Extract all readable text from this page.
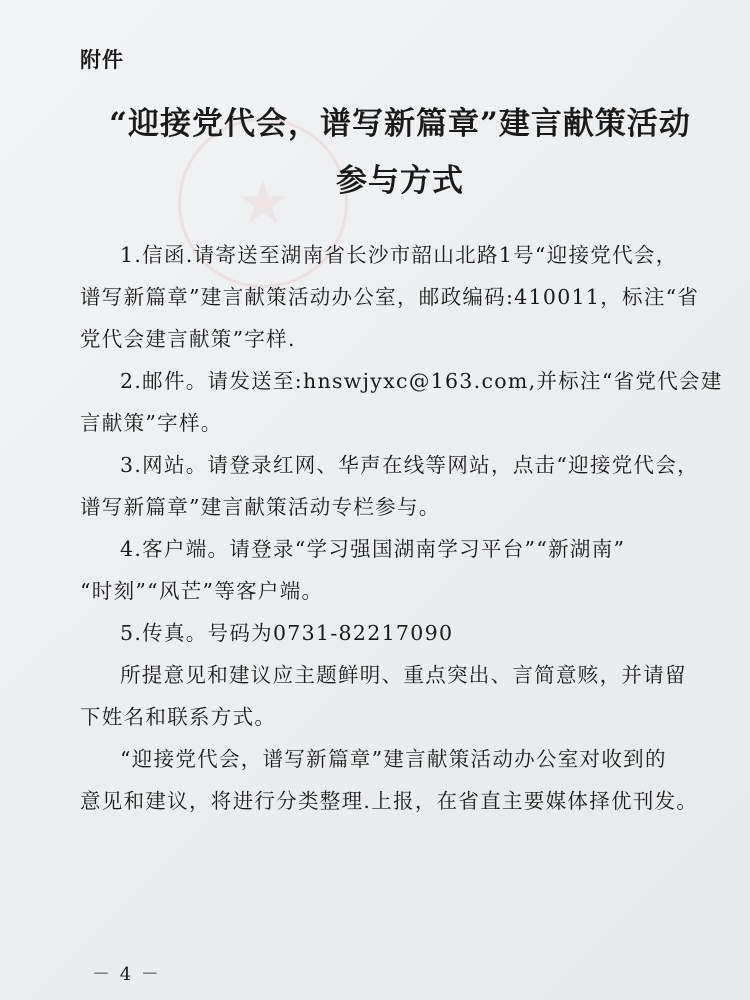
★
附件
“迎接党代会，谱写新篇章”建言献策活动
参与方式
1.信函.请寄送至湖南省长沙市韶山北路1号“迎接党代会，
谱写新篇章”建言献策活动办公室，邮政编码:410011，标注“省
党代会建言献策”字样.
2.邮件。请发送至:hnswjyxc@163.com,并标注“省党代会建
言献策”字样。
3.网站。请登录红网、华声在线等网站，点击“迎接党代会，
谱写新篇章”建言献策活动专栏参与。
4.客户端。请登录“学习强国湖南学习平台”“新湖南”
“时刻”“风芒”等客户端。
5.传真。号码为0731-82217090
所提意见和建议应主题鲜明、重点突出、言简意赅，并请留
下姓名和联系方式。
“迎接党代会，谱写新篇章”建言献策活动办公室对收到的
意见和建议，将进行分类整理.上报，在省直主要媒体择优刊发。
－ 4 －
